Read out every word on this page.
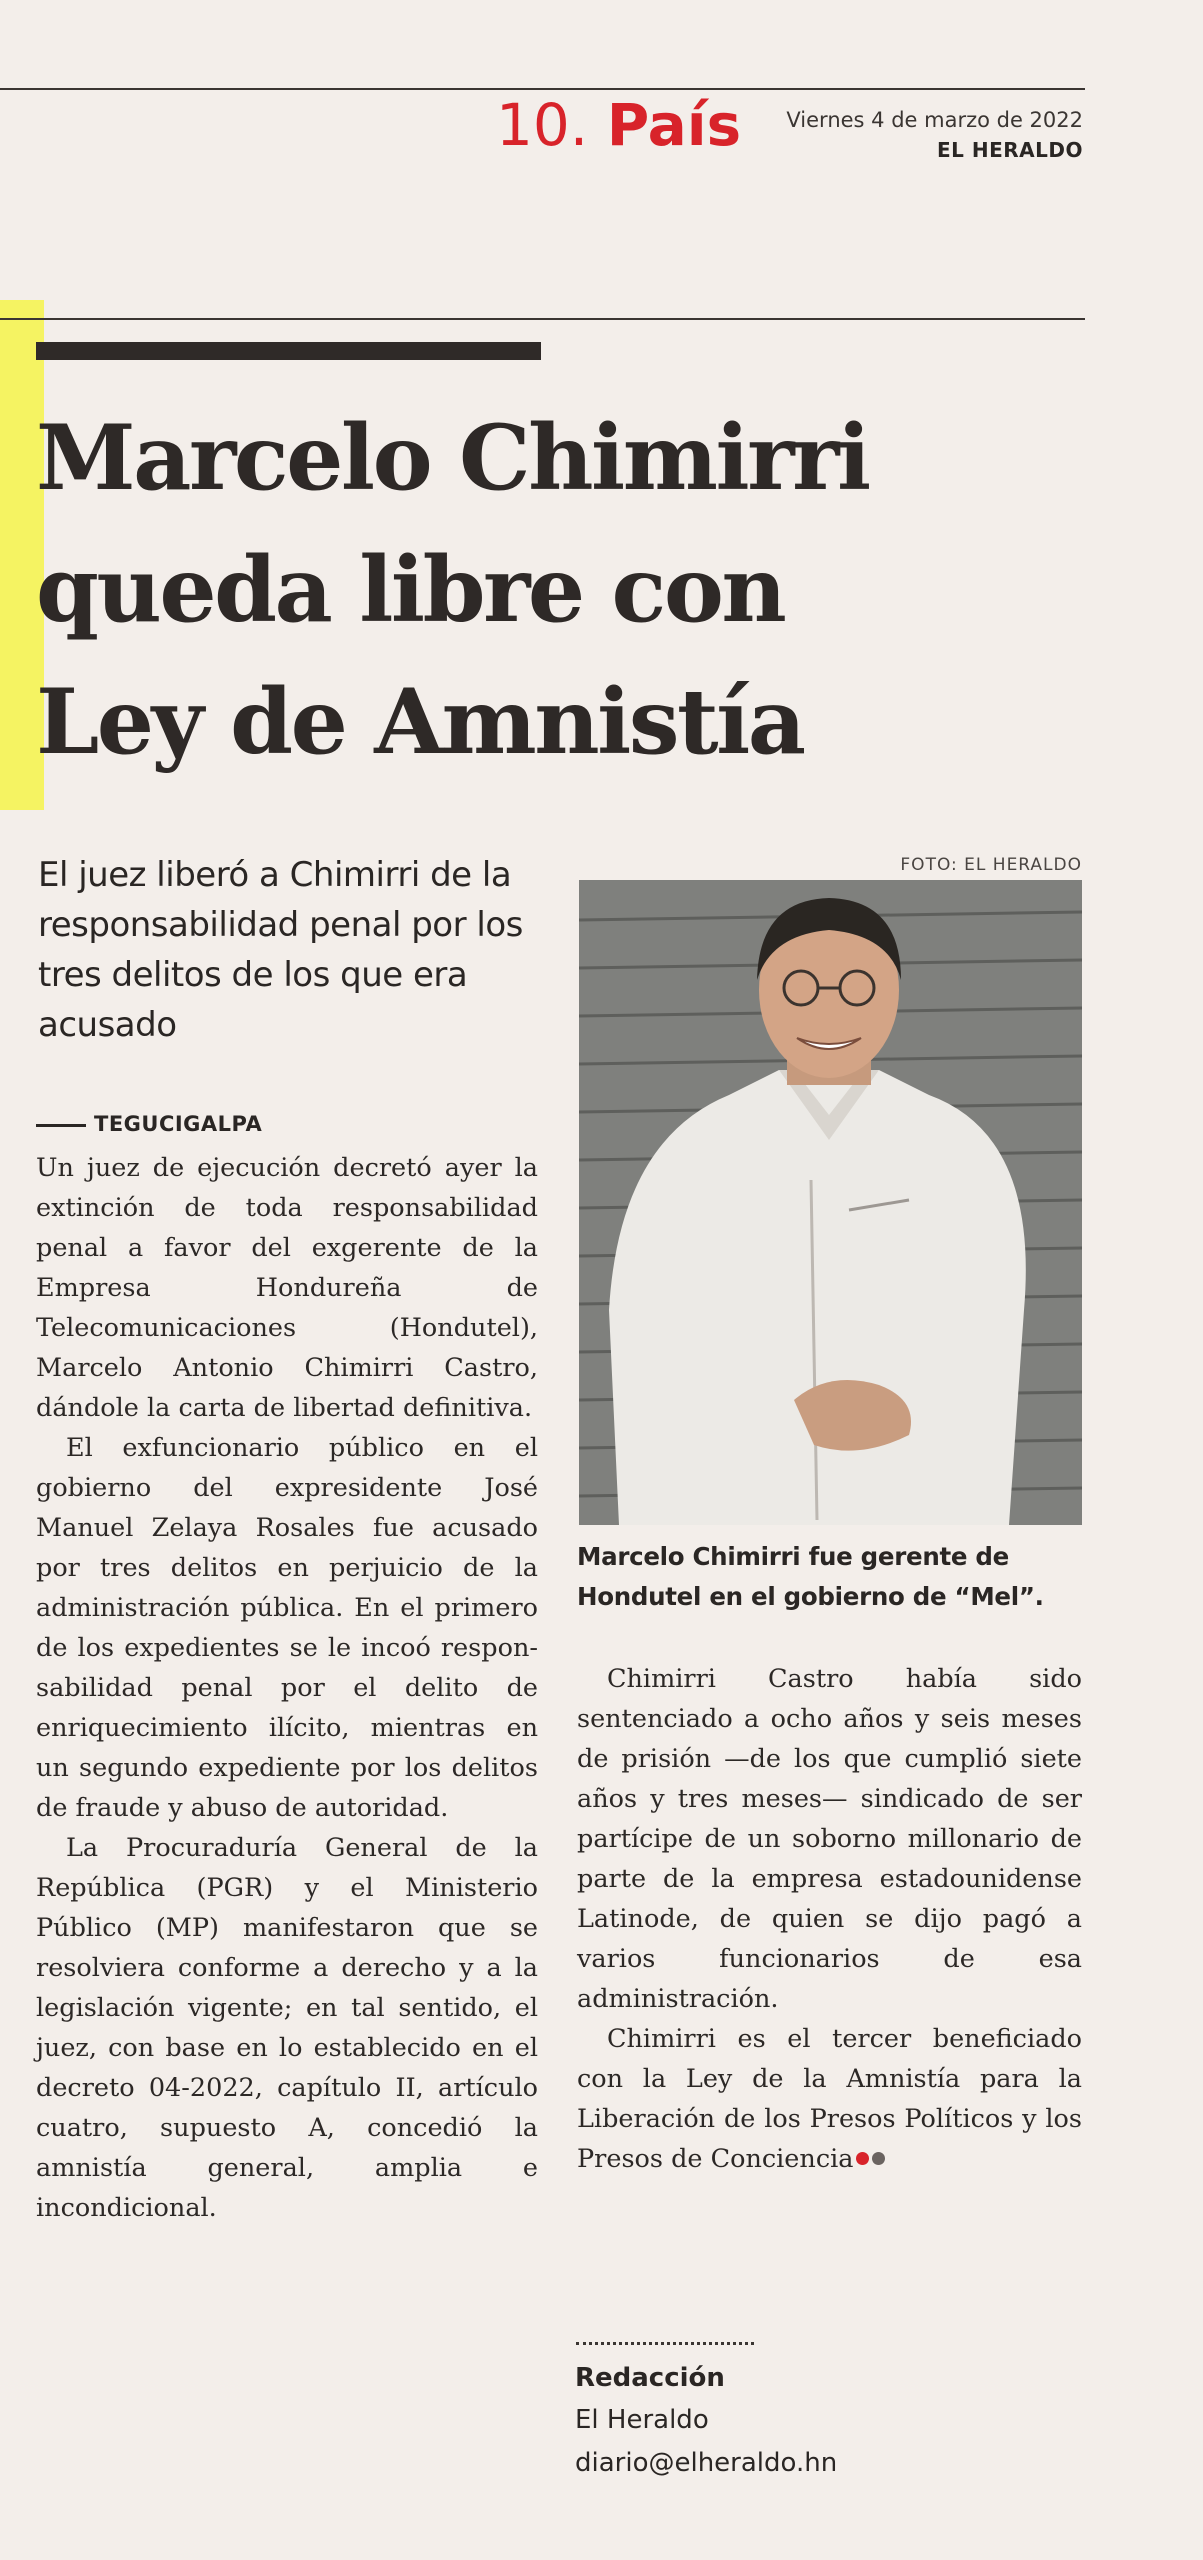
10. País	Viernes 4 de marzo de 2022
EL HERALDO
Marcelo Chimirri
queda libre con
Ley de Amnistía
El juez liberó a Chimirri de la responsabilidad penal por los tres delitos de los que era acusado
FOTO: EL HERALDO
Marcelo Chimirri fue gerente de Hondutel en el gobierno de “Mel”.
TEGUCIGALPA

Un juez de ejecución decretó ayer la extinción de toda responsabilidad penal a favor del exgerente de la Empresa Hondureña de Telecomunicaciones (Hondutel), Marcelo Antonio Chimirri Castro, dándole la carta de libertad definitiva.

El exfuncionario público en el gobierno del expresidente José Manuel Zelaya Rosales fue acusado por tres delitos en perjuicio de la administración pública. En el primero de los expedientes se le incoó responsabilidad penal por el delito de enriquecimiento ilícito, mientras en un segundo expediente por los delitos de fraude y abuso de autoridad.

La Procuraduría General de la República (PGR) y el Ministerio Público (MP) manifestaron que se resolviera conforme a derecho y a la legislación vigente; en tal sentido, el juez, con base en lo establecido en el decreto 04-2022, capítulo II, artículo cuatro, supuesto A, concedió la amnistía general, amplia e incondicional.

Chimirri Castro había sido sentenciado a ocho años y seis meses de prisión —de los que cumplió siete años y tres meses— sindicado de ser partícipe de un soborno millonario de parte de la empresa estadounidense Latinode, de quien se dijo pagó a varios funcionarios de esa administración.

Chimirri es el tercer beneficiado con la Ley de la Amnistía para la Liberación de los Presos Políticos y los Presos de Conciencia

Redacción
El Heraldo
diario@elheraldo.hn
